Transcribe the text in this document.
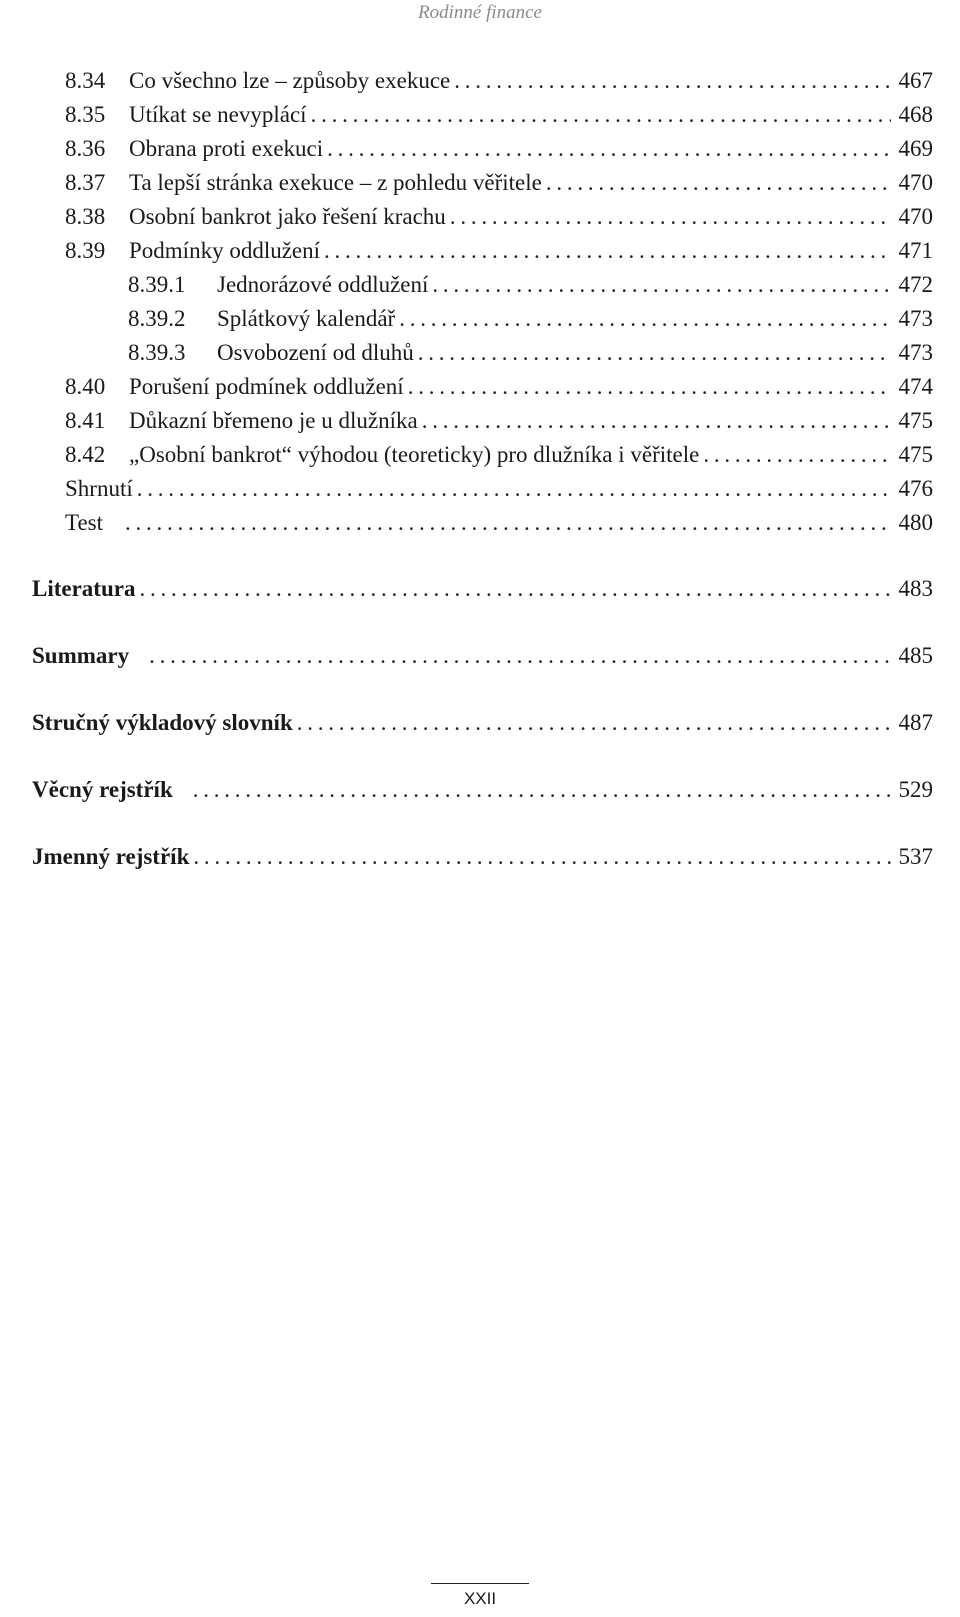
Rodinné finance
8.34	Co všechno lze – způsoby exekuce . . .	467
8.35	Utíkat se nevyplácí . . .	468
8.36	Obrana proti exekuci . . .	469
8.37	Ta lepší stránka exekuce – z pohledu věřitele . . .	470
8.38	Osobní bankrot jako řešení krachu . . .	470
8.39	Podmínky oddlužení . . .	471
8.39.1	Jednorázové oddlužení . . .	472
8.39.2	Splátkový kalendář . . .	473
8.39.3	Osvobození od dluhů . . .	473
8.40	Porušení podmínek oddlužení . . .	474
8.41	Důkazní břemeno je u dlužníka . . .	475
8.42	„Osobní bankrot“ výhodou (teoreticky) pro dlužníka i věřitele . . .	475
Shrnutí . . .	476
Test . . .	480
Literatura . . .	483
Summary . . .	485
Stručný výkladový slovník . . .	487
Věcný rejstřík . . .	529
Jmenný rejstřík . . .	537
XXII
